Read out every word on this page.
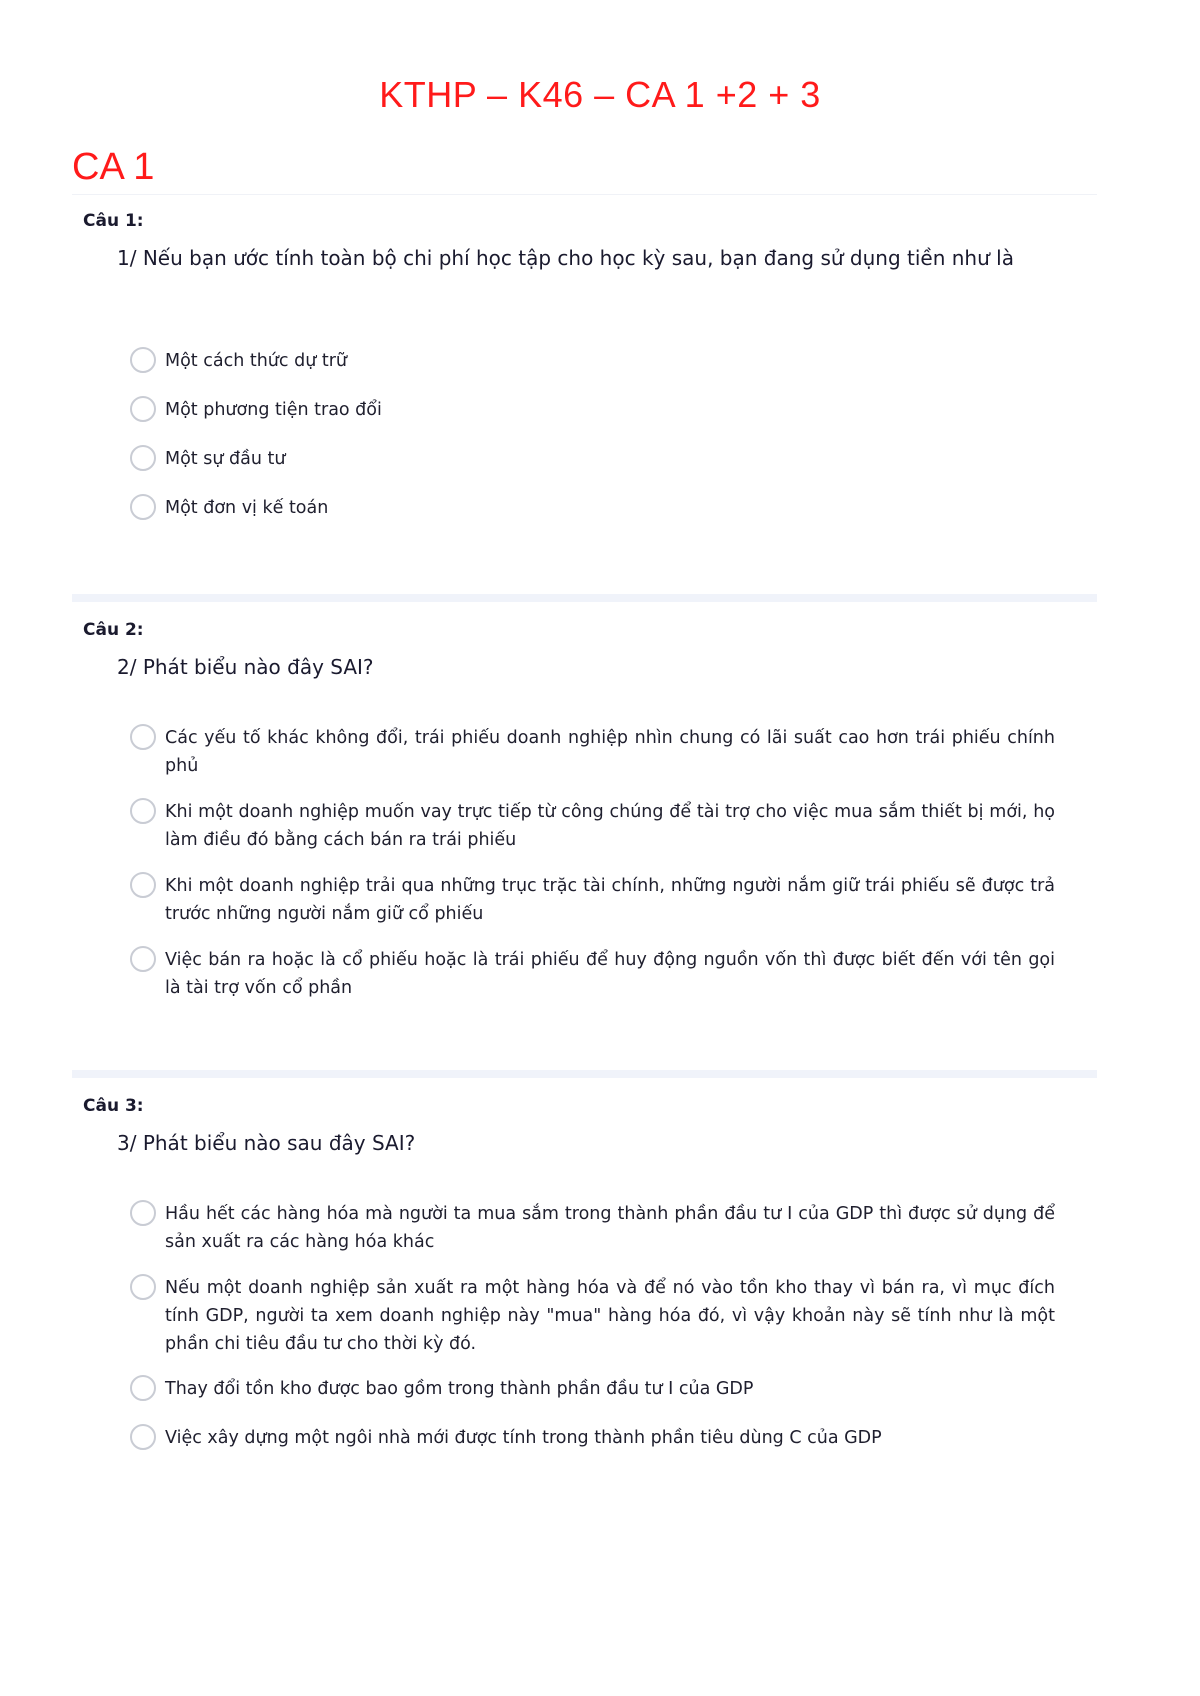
KTHP – K46 – CA 1 +2 + 3
CA 1
Câu 1:
1/ Nếu bạn ước tính toàn bộ chi phí học tập cho học kỳ sau, bạn đang sử dụng tiền như là
Một cách thức dự trữ
Một phương tiện trao đổi
Một sự đầu tư
Một đơn vị kế toán
Câu 2:
2/ Phát biểu nào đây SAI?
Các yếu tố khác không đổi, trái phiếu doanh nghiệp nhìn chung có lãi suất cao hơn trái phiếu chính phủ
Khi một doanh nghiệp muốn vay trực tiếp từ công chúng để tài trợ cho việc mua sắm thiết bị mới, họ làm điều đó bằng cách bán ra trái phiếu
Khi một doanh nghiệp trải qua những trục trặc tài chính, những người nắm giữ trái phiếu sẽ được trả trước những người nắm giữ cổ phiếu
Việc bán ra hoặc là cổ phiếu hoặc là trái phiếu để huy động nguồn vốn thì được biết đến với tên gọi là tài trợ vốn cổ phần
Câu 3:
3/ Phát biểu nào sau đây SAI?
Hầu hết các hàng hóa mà người ta mua sắm trong thành phần đầu tư I của GDP thì được sử dụng để sản xuất ra các hàng hóa khác
Nếu một doanh nghiệp sản xuất ra một hàng hóa và để nó vào tồn kho thay vì bán ra, vì mục đích tính GDP, người ta xem doanh nghiệp này "mua" hàng hóa đó, vì vậy khoản này sẽ tính như là một phần chi tiêu đầu tư cho thời kỳ đó.
Thay đổi tồn kho được bao gồm trong thành phần đầu tư I của GDP
Việc xây dựng một ngôi nhà mới được tính trong thành phần tiêu dùng C của GDP
